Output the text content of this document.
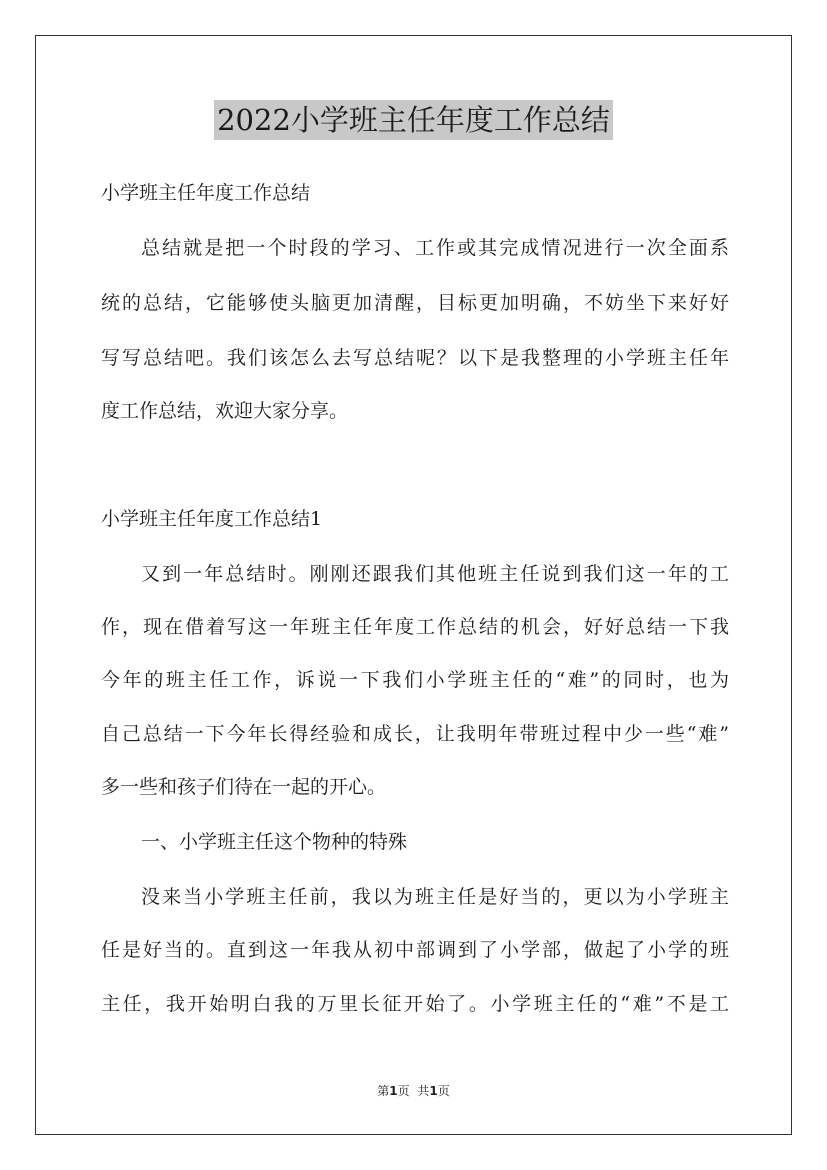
2022小学班主任年度工作总结
小学班主任年度工作总结
总结就是把一个时段的学习、工作或其完成情况进行一次全面系
统的总结，它能够使头脑更加清醒，目标更加明确，不妨坐下来好好
写写总结吧。我们该怎么去写总结呢？以下是我整理的小学班主任年
度工作总结，欢迎大家分享。
小学班主任年度工作总结1
又到一年总结时。刚刚还跟我们其他班主任说到我们这一年的工
作，现在借着写这一年班主任年度工作总结的机会，好好总结一下我
今年的班主任工作，诉说一下我们小学班主任的“难”的同时，也为
自己总结一下今年长得经验和成长，让我明年带班过程中少一些“难”
多一些和孩子们待在一起的开心。
一、小学班主任这个物种的特殊
没来当小学班主任前，我以为班主任是好当的，更以为小学班主
任是好当的。直到这一年我从初中部调到了小学部，做起了小学的班
主任，我开始明白我的万里长征开始了。小学班主任的“难”不是工
第1页 共1页
